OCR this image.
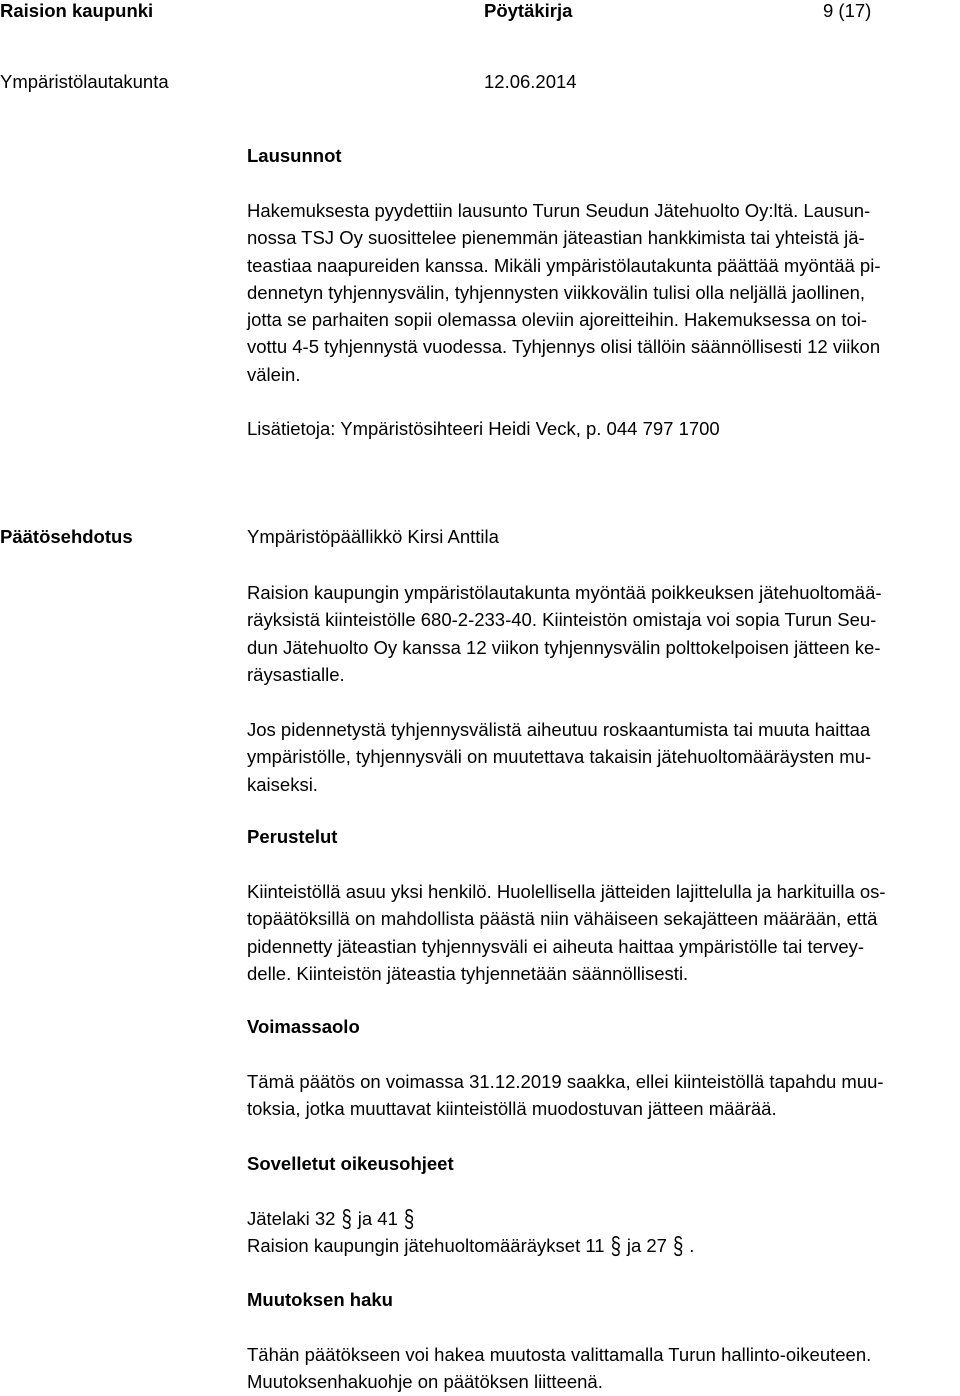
Raision kaupunki	Pöytäkirja	9 (17)
Ympäristölautakunta	12.06.2014
Lausunnot
Hakemuksesta pyydettiin lausunto Turun Seudun Jätehuolto Oy:ltä. Lausun-
nossa TSJ Oy suosittelee pienemmän jäteastian hankkimista tai yhteistä jä-
teastiaa naapureiden kanssa. Mikäli ympäristölautakunta päättää myöntää pi-
dennetyn tyhjennysvälin, tyhjennysten viikkovälin tulisi olla neljällä jaollinen,
jotta se parhaiten sopii olemassa oleviin ajoreitteihin. Hakemuksessa on toi-
vottu 4-5 tyhjennystä vuodessa. Tyhjennys olisi tällöin säännöllisesti 12 viikon
välein.
Lisätietoja: Ympäristösihteeri Heidi Veck, p. 044 797 1700
Päätösehdotus	Ympäristöpäällikkö Kirsi Anttila
Raision kaupungin ympäristölautakunta myöntää poikkeuksen jätehuoltomää-
räyksistä kiinteistölle 680-2-233-40. Kiinteistön omistaja voi sopia Turun Seu-
dun Jätehuolto Oy kanssa 12 viikon tyhjennysvälin polttokelpoisen jätteen ke-
räysastialle.
Jos pidennetystä tyhjennysvälistä aiheutuu roskaantumista tai muuta haittaa
ympäristölle, tyhjennysväli on muutettava takaisin jätehuoltomääräysten mu-
kaiseksi.
Perustelut
Kiinteistöllä asuu yksi henkilö. Huolellisella jätteiden lajittelulla ja harkituilla os-
topäätöksillä on mahdollista päästä niin vähäiseen sekajätteen määrään, että
pidennetty jäteastian tyhjennysväli ei aiheuta haittaa ympäristölle tai tervey-
delle. Kiinteistön jäteastia tyhjennetään säännöllisesti.
Voimassaolo
Tämä päätös on voimassa 31.12.2019 saakka, ellei kiinteistöllä tapahdu muu-
toksia, jotka muuttavat kiinteistöllä muodostuvan jätteen määrää.
Sovelletut oikeusohjeet
Jätelaki 32 § ja 41 §
Raision kaupungin jätehuoltomääräykset 11 § ja 27 § .
Muutoksen haku
Tähän päätökseen voi hakea muutosta valittamalla Turun hallinto-oikeuteen.
Muutoksenhakuohje on päätöksen liitteenä.
